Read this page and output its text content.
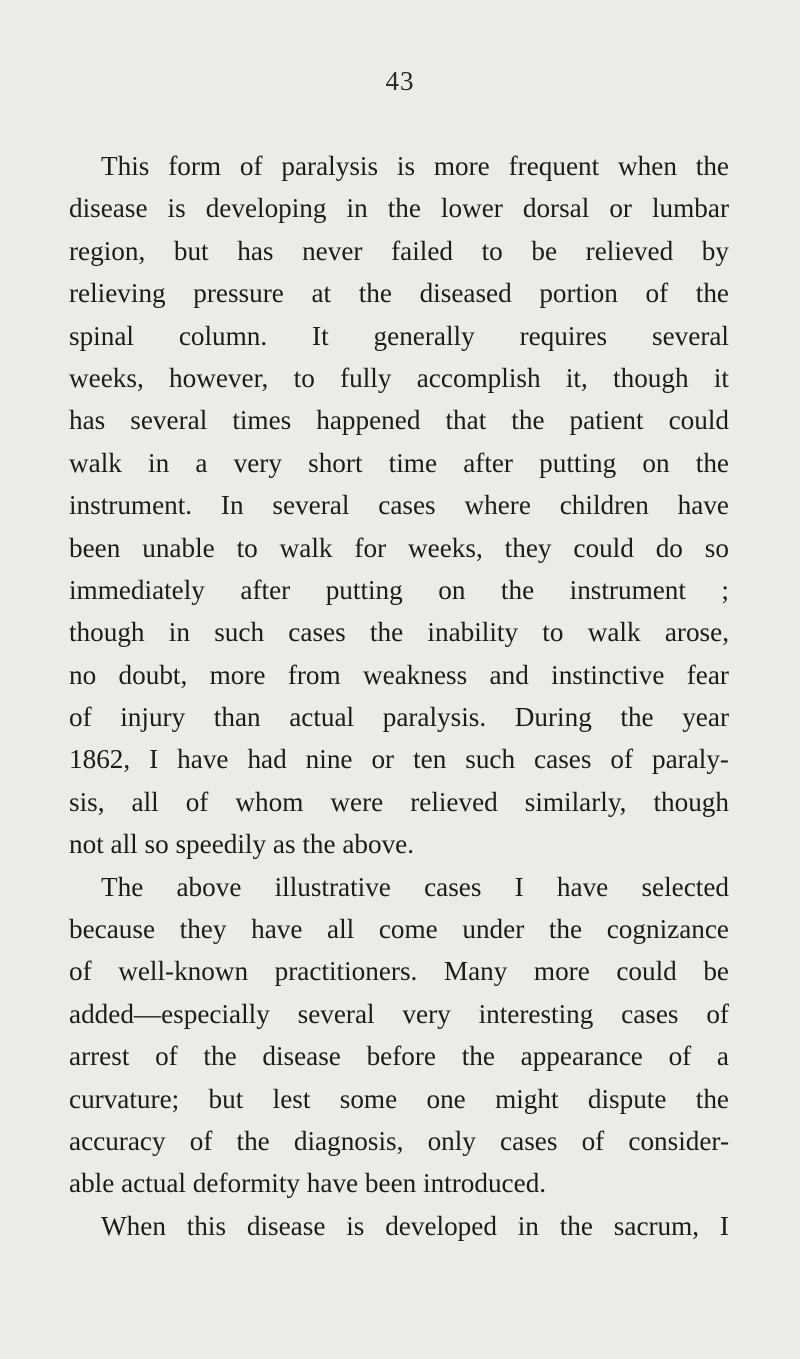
43
This form of paralysis is more frequent when the
disease is developing in the lower dorsal or lumbar
region, but has never failed to be relieved by
relieving pressure at the diseased portion of the
spinal column. It generally requires several
weeks, however, to fully accomplish it, though it
has several times happened that the patient could
walk in a very short time after putting on the
instrument. In several cases where children have
been unable to walk for weeks, they could do so
immediately after putting on the instrument ;
though in such cases the inability to walk arose,
no doubt, more from weakness and instinctive fear
of injury than actual paralysis. During the year
1862, I have had nine or ten such cases of paraly-
sis, all of whom were relieved similarly, though
not all so speedily as the above.
The above illustrative cases I have selected
because they have all come under the cognizance
of well-known practitioners. Many more could be
added—especially several very interesting cases of
arrest of the disease before the appearance of a
curvature; but lest some one might dispute the
accuracy of the diagnosis, only cases of consider-
able actual deformity have been introduced.
When this disease is developed in the sacrum, I
